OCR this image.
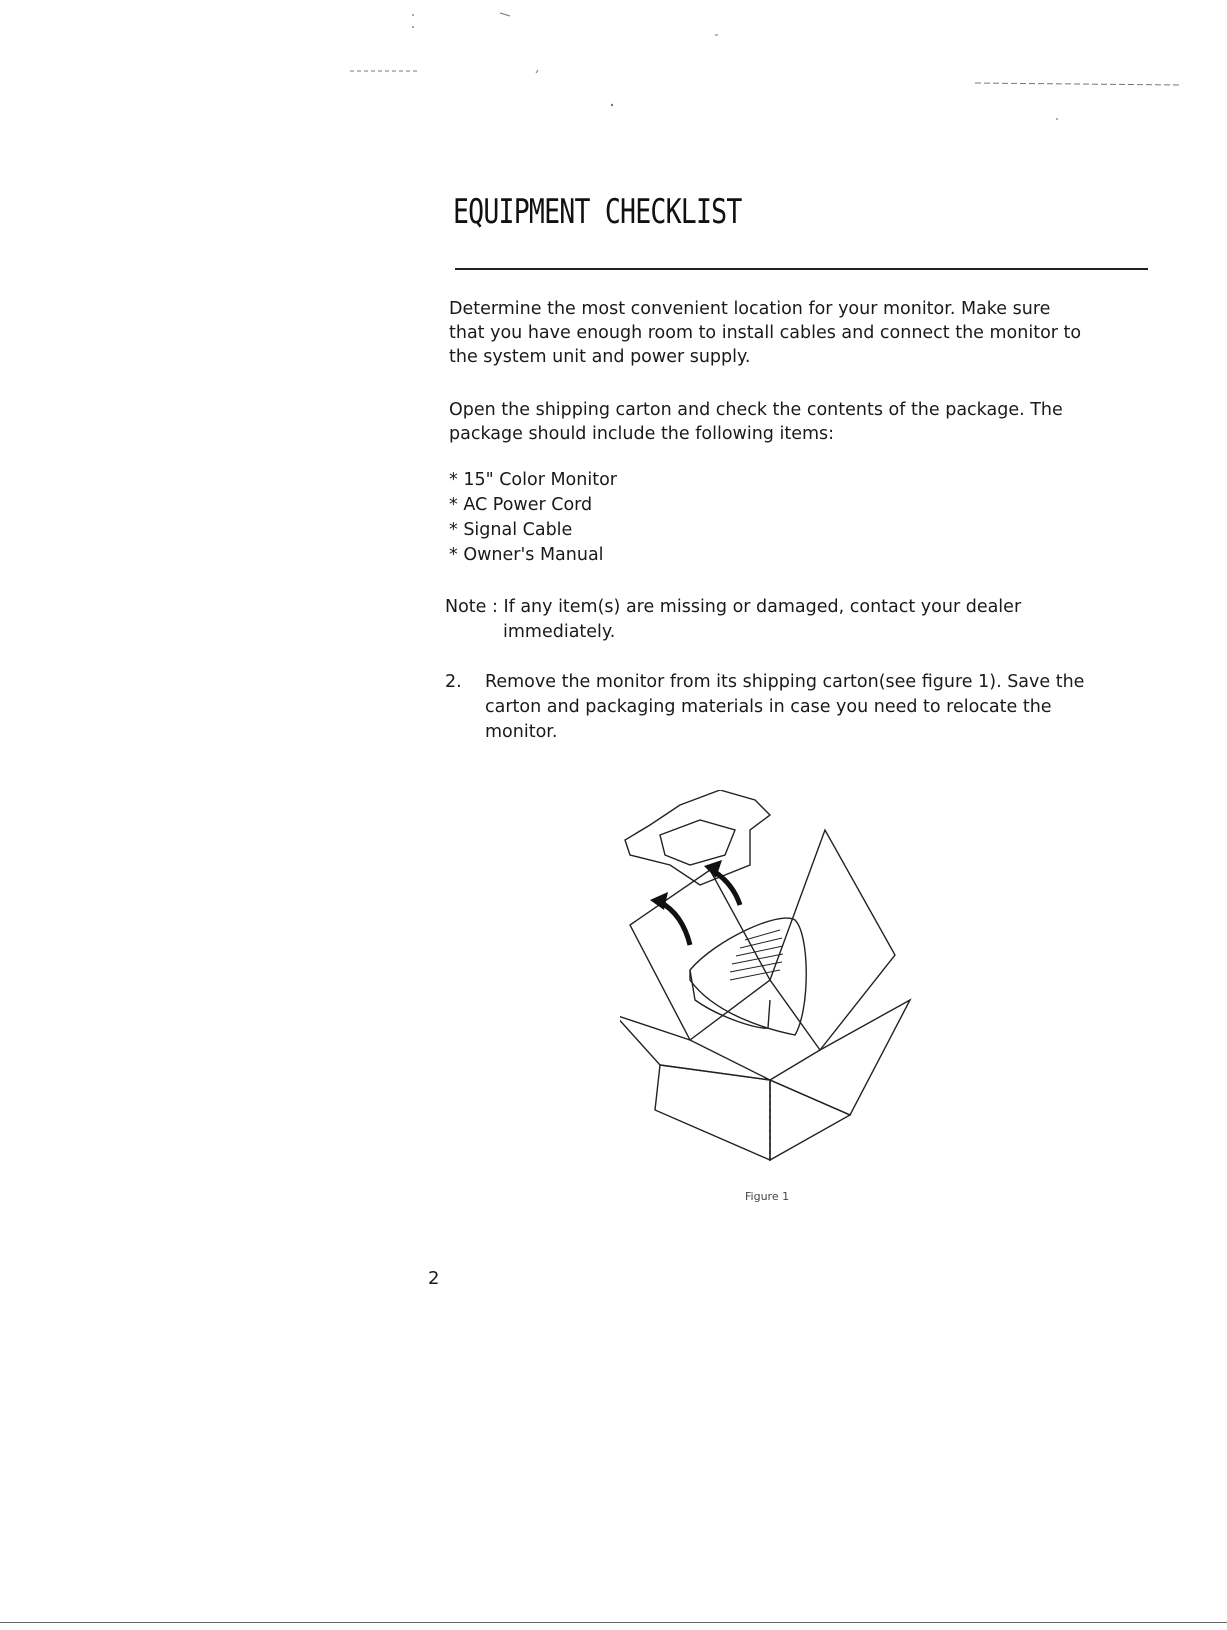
EQUIPMENT CHECKLIST

Determine the most convenient location for your monitor. Make sure that you have enough room to install cables and connect the monitor to the system unit and power supply.

Open the shipping carton and check the contents of the package. The package should include the following items:

* 15" Color Monitor
* AC Power Cord
* Signal Cable
* Owner's Manual
Note : If any item(s) are missing or damaged, contact your dealer
immediately.
2.	Remove the monitor from its shipping carton(see figure 1). Save the carton and packaging materials in case you need to relocate the monitor.
Figure 1
2
